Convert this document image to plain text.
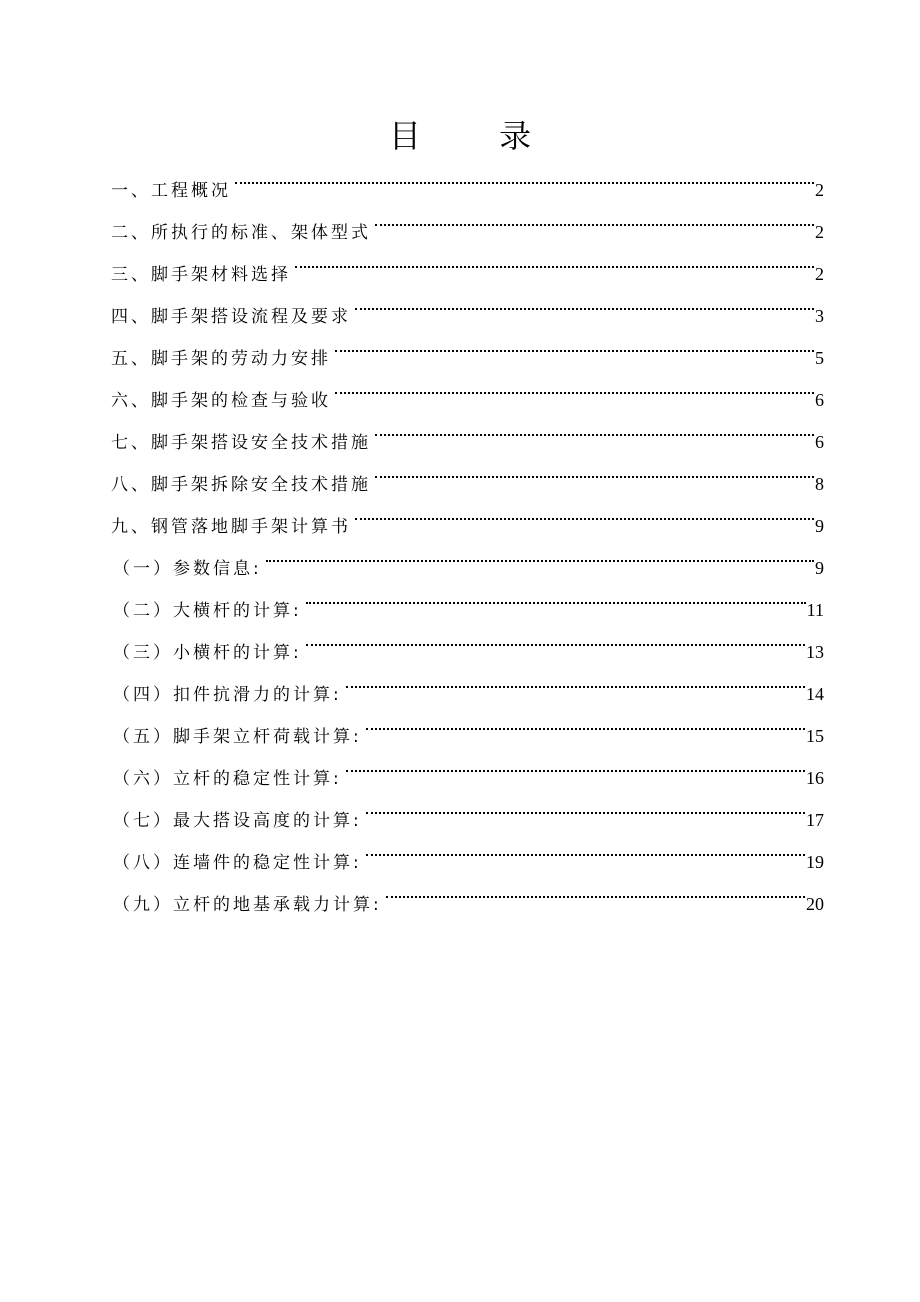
目 录
一、工程概况	2
二、所执行的标准、架体型式	2
三、脚手架材料选择	2
四、脚手架搭设流程及要求	3
五、脚手架的劳动力安排	5
六、脚手架的检查与验收	6
七、脚手架搭设安全技术措施	6
八、脚手架拆除安全技术措施	8
九、钢管落地脚手架计算书	9
（一）参数信息:	9
（二）大横杆的计算:	11
（三）小横杆的计算:	13
（四）扣件抗滑力的计算:	14
（五）脚手架立杆荷载计算:	15
（六）立杆的稳定性计算:	16
（七）最大搭设高度的计算:	17
（八）连墙件的稳定性计算:	19
（九）立杆的地基承载力计算:	20
